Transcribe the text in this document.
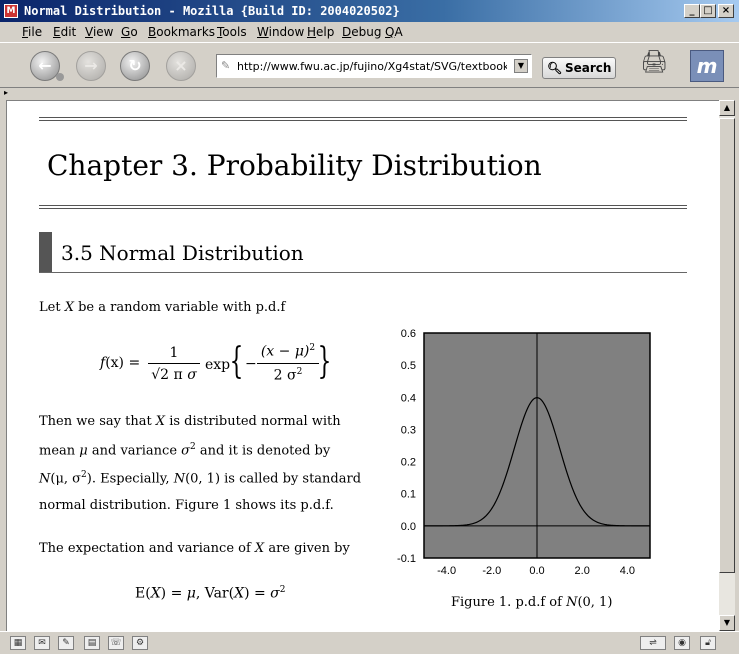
M Normal Distribution - Mozilla {Build ID: 2004020502}	_ □ ×
File Edit View Go Bookmarks Tools Window Help Debug QA
←	→	↻	×	✎
http://www.fwu.ac.jp/fujino/Xg4stat/SVG/textbook/c	▼	🔍︎ Search 🖨︎	m
▸
Chapter 3. Probability Distribution
3.5 Normal Distribution
Let X be a random variable with p.d.f
f(x) =
1
√2 π σ
exp { −
$(x - \mu)^2$
2 $\sigma^2$ }
Then we say that X is distributed normal with
mean μ and variance $\sigma^2$ and it is denoted by
N(μ, $\sigma^2$). Especially, N(0, 1) is called by standard
normal distribution. Figure 1 shows its p.d.f.
The expectation and variance of X are given by
E(X) = μ, $Var(X) = \sigma^2$
0.6
0.5
0.4
0.3
0.2
0.1
0.0
-0.1
-4.0 -2.0	0.0	2.0	4.0
Figure 1. p.d.f of N(0, 1)
▲
▼
▦	✉	✎	▤	☏	⚙	⇌	◉	🔓︎
